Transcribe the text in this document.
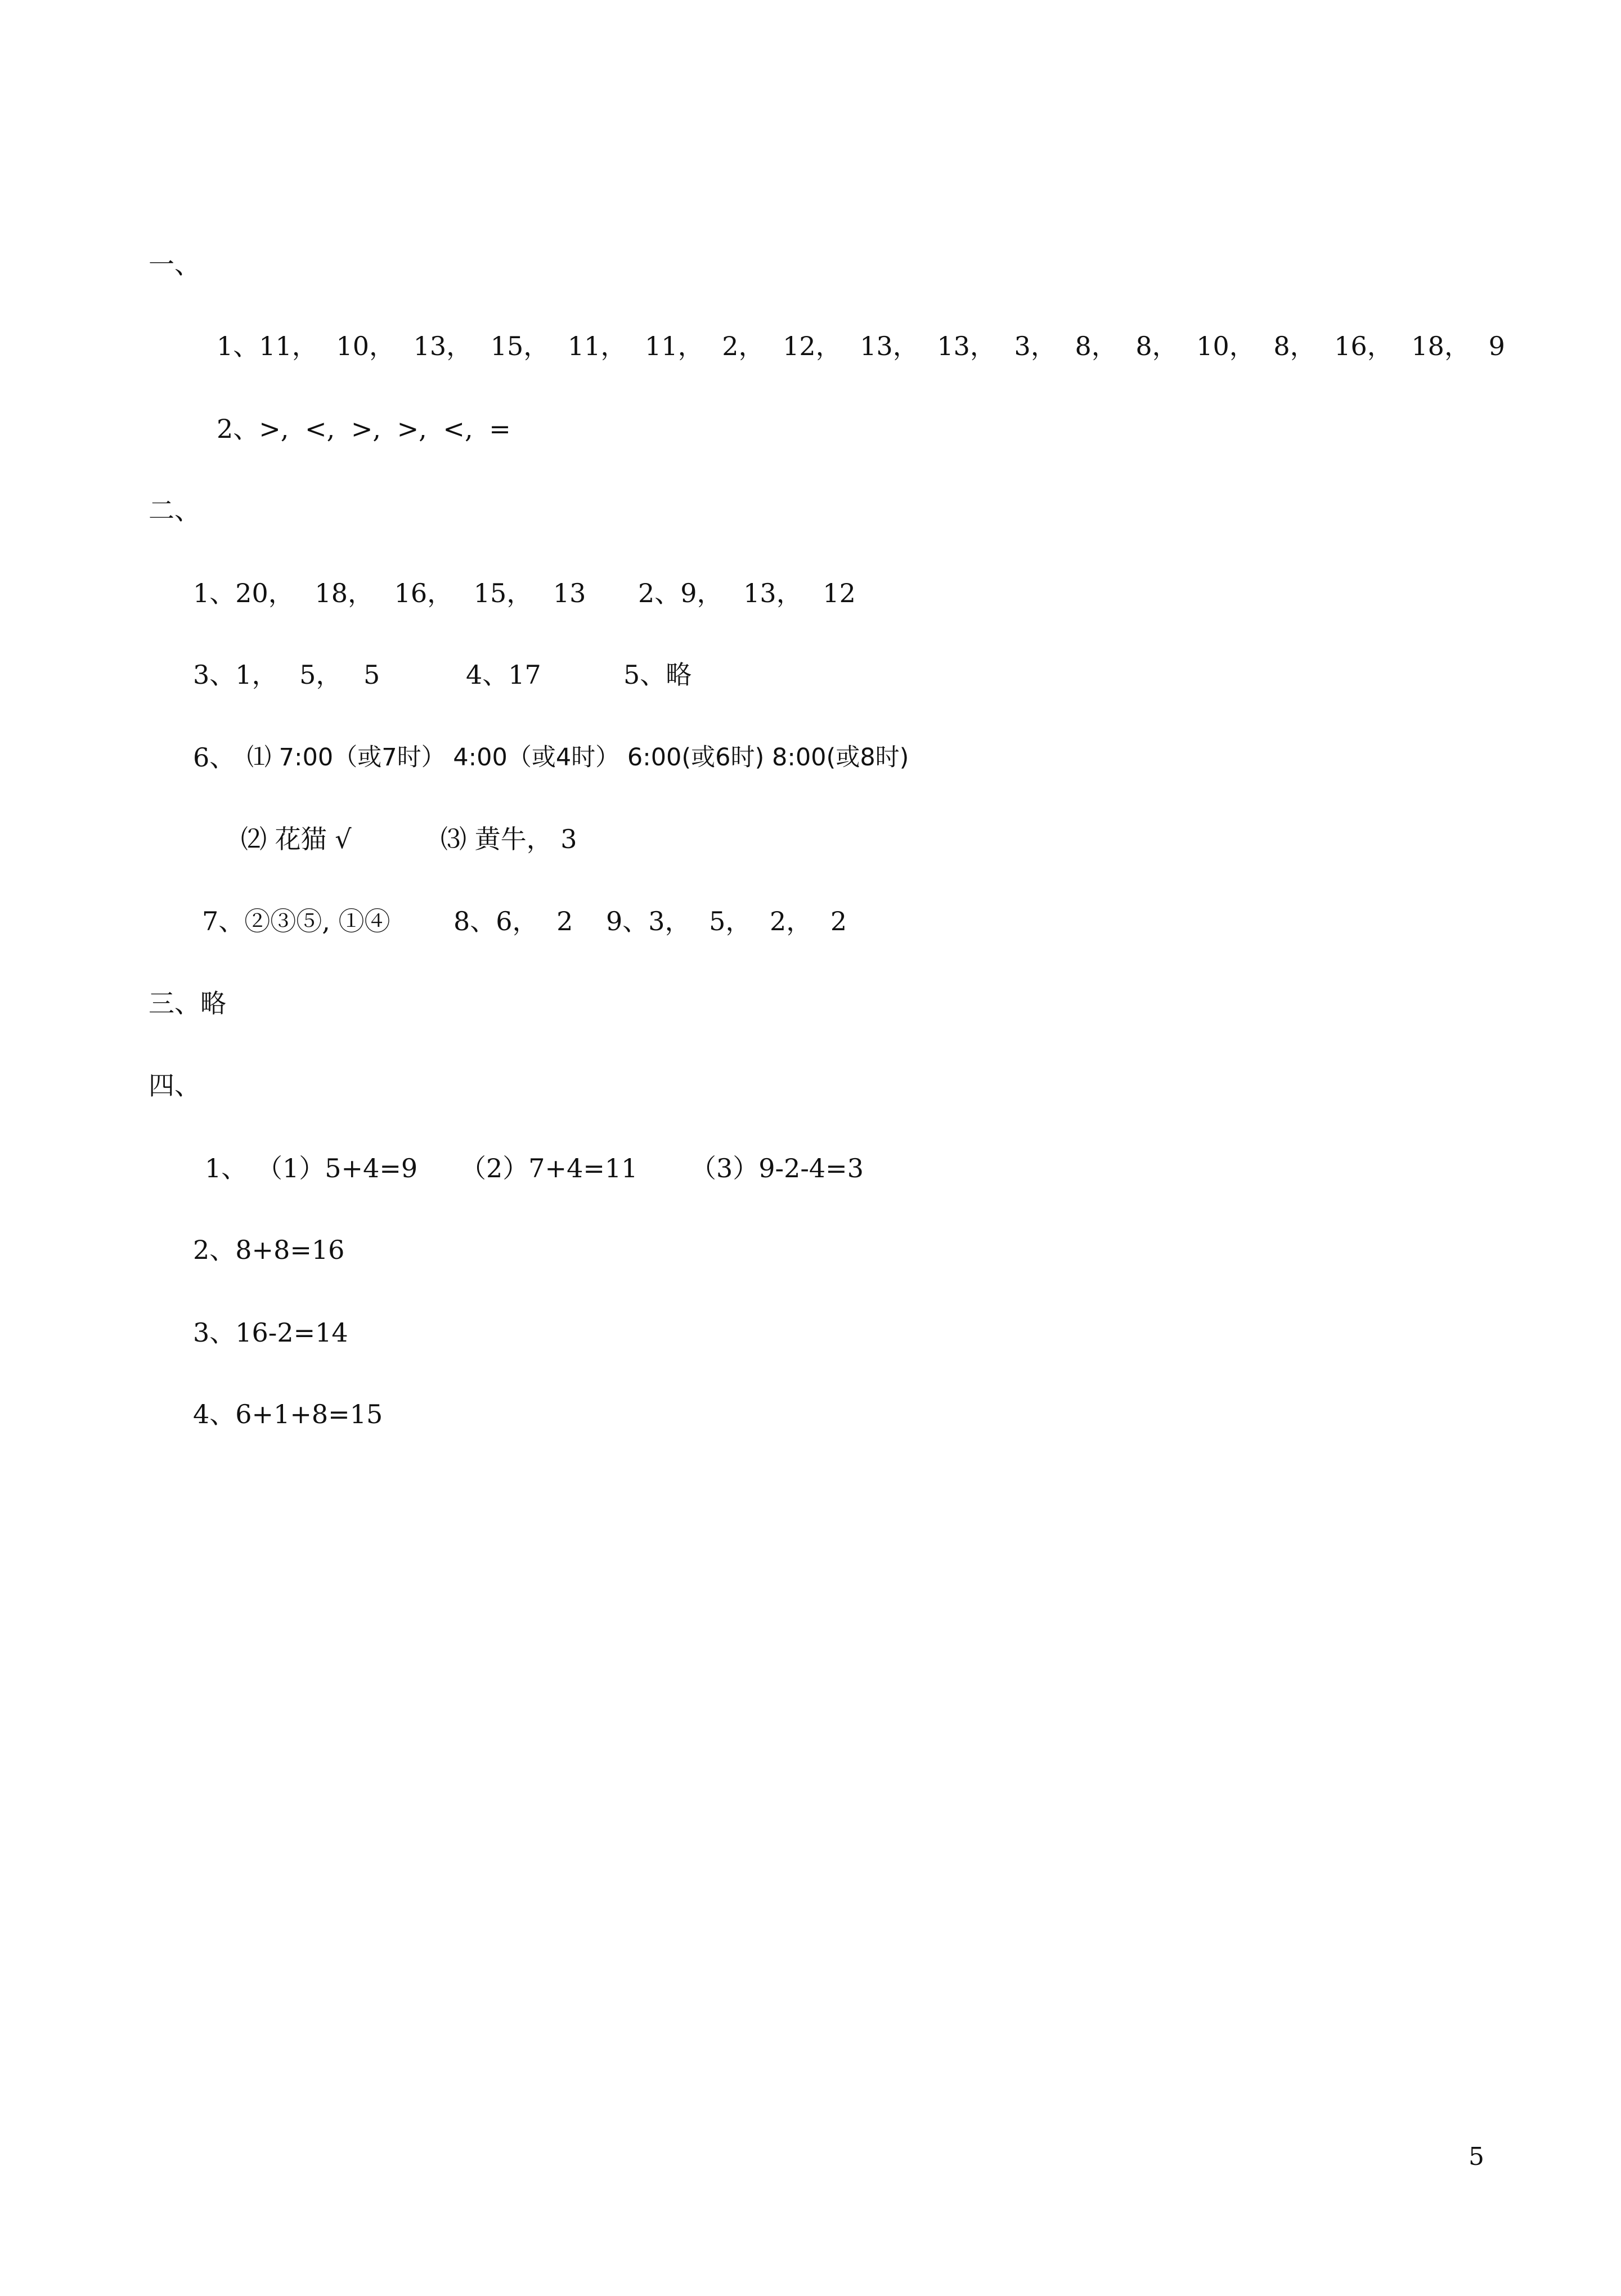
一、
1、11， 10， 13， 15， 11， 11， 2， 12， 13， 13， 3， 8， 8， 10， 8， 16， 18， 9
2、>, <, >, >, <, =
二、
1、20， 18， 16， 15， 13 2、9， 13， 12
3、1， 5， 5	4、17	5、略
6、 ⑴ 7:00（或7时） 4:00（或4时） 6:00(或6时) 8:00(或8时)
⑵ 花猫 √	⑶ 黄牛， 3
7、②③⑤, ①④ 8、6， 2 9、3， 5， 2， 2
三、略
四、
1、 （1）5+4=9 （2）7+4=11 （3）9-2-4=3
2、8+8=16
3、16-2=14
4、6+1+8=15
5
